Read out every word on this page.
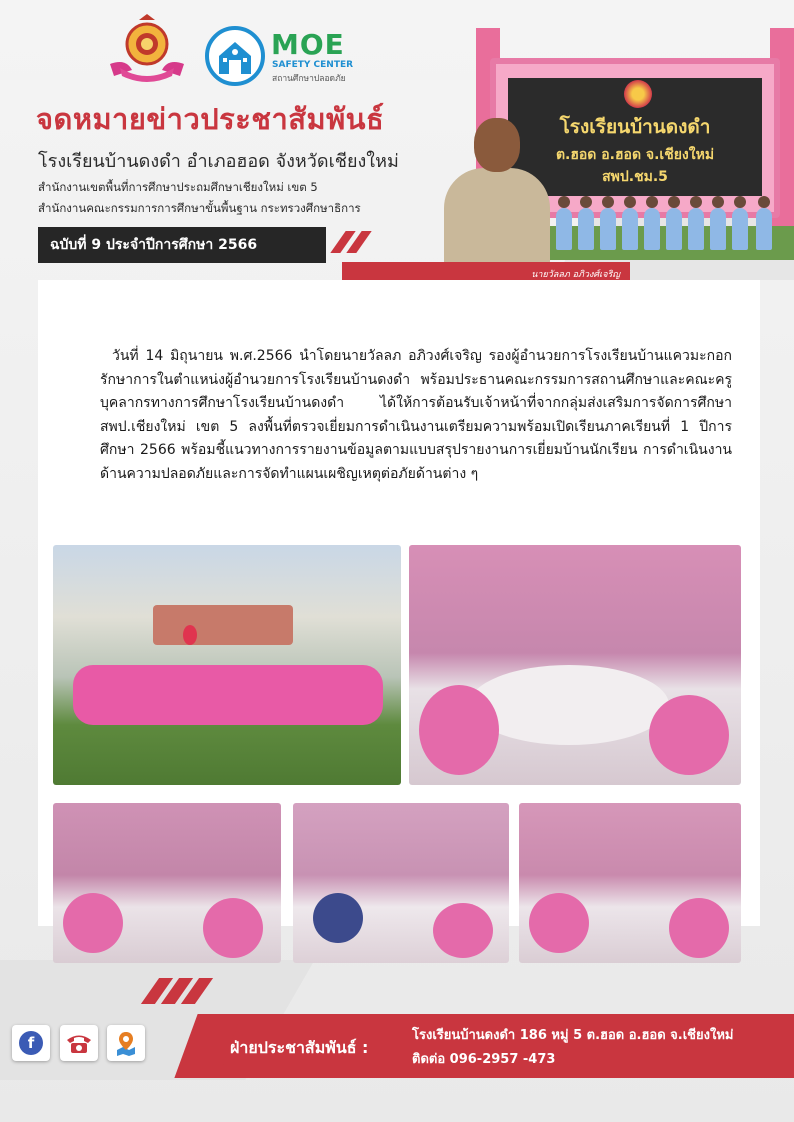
MOE
SAFETY CENTER
สถานศึกษาปลอดภัย
จดหมายข่าวประชาสัมพันธ์
โรงเรียนบ้านดงดำ อำเภอฮอด จังหวัดเชียงใหม่
สำนักงานเขตพื้นที่การศึกษาประถมศึกษาเชียงใหม่ เขต 5
สำนักงานคณะกรรมการการศึกษาขั้นพื้นฐาน กระทรวงศึกษาธิการ
ฉบับที่ 9 ประจำปีการศึกษา 2566
โรงเรียนบ้านดงดำ
ต.ฮอด อ.ฮอด จ.เชียงใหม่
สพป.ชม.5
นายวัลลภ อภิวงศ์เจริญ
วันที่ 14 มิถุนายน พ.ศ.2566 นำโดยนายวัลลภ อภิวงศ์เจริญ รองผู้อำนวยการโรงเรียนบ้านแควมะกอก รักษาการในตำแหน่งผู้อำนวยการโรงเรียนบ้านดงดำ พร้อมประธานคณะกรรมการสถานศึกษาและคณะครูบุคลากรทางการศึกษาโรงเรียนบ้านดงดำ ได้ให้การต้อนรับเจ้าหน้าที่จากกลุ่มส่งเสริมการจัดการศึกษา สพป.เชียงใหม่ เขต 5 ลงพื้นที่ตรวจเยี่ยมการดำเนินงานเตรียมความพร้อมเปิดเรียนภาคเรียนที่ 1 ปีการศึกษา 2566 พร้อมชี้แนวทางการรายงานข้อมูลตามแบบสรุปรายงานการเยี่ยมบ้านนักเรียน การดำเนินงานด้านความปลอดภัยและการจัดทำแผนเผชิญเหตุต่อภัยด้านต่าง ๆ
f	ฝ่ายประชาสัมพันธ์ :
โรงเรียนบ้านดงดำ 186 หมู่ 5 ต.ฮอด อ.ฮอด จ.เชียงใหม่
ติดต่อ 096-2957 -473
